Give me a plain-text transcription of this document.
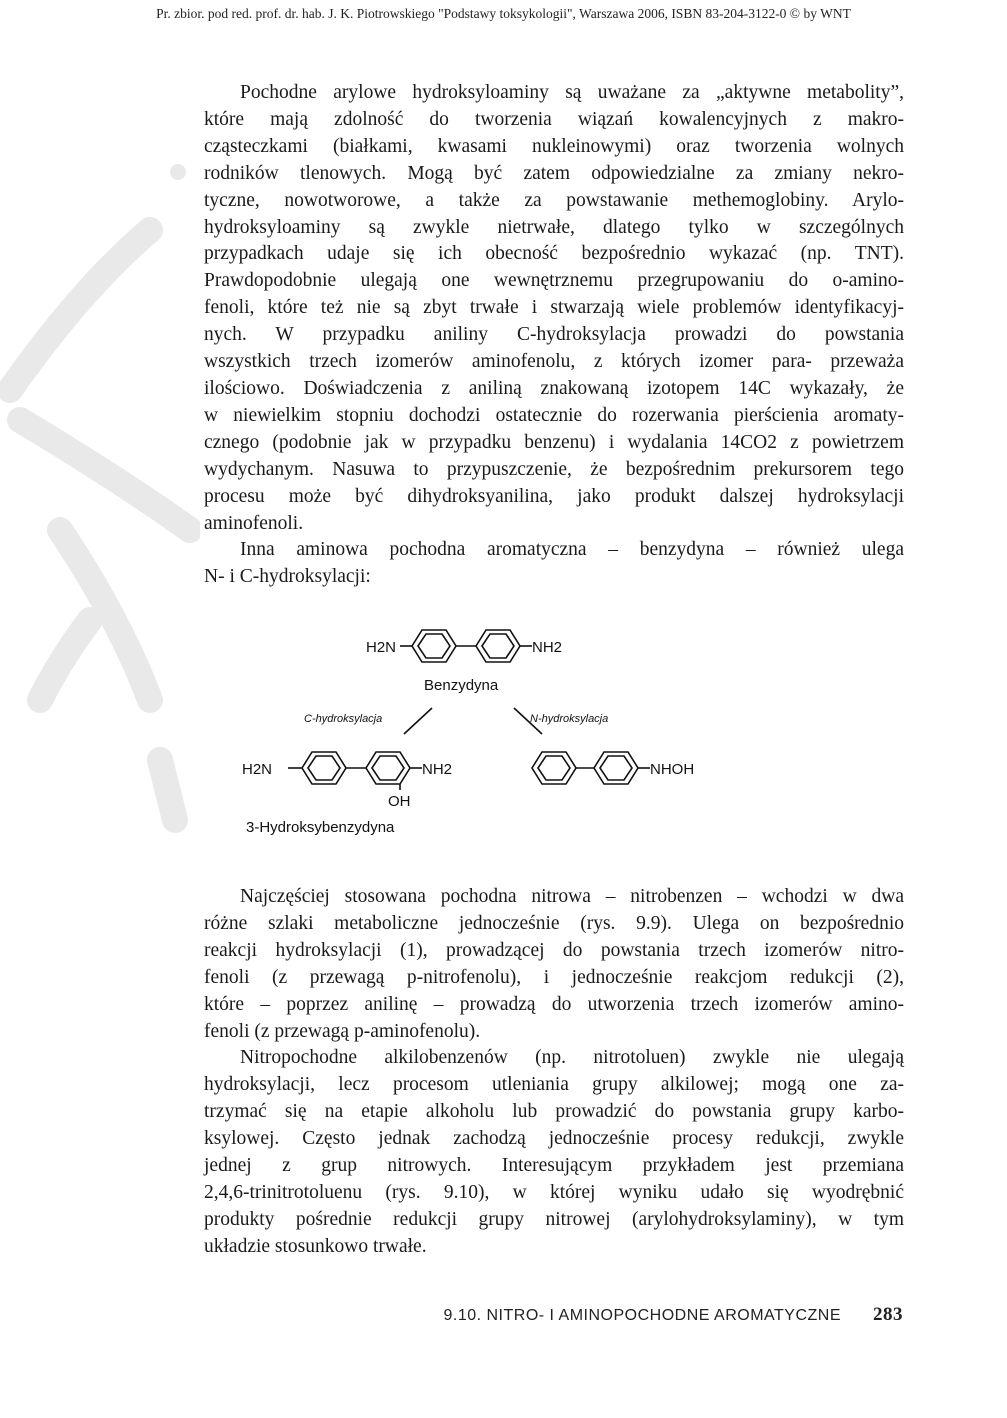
Pr. zbior. pod red. prof. dr. hab. J. K. Piotrowskiego "Podstawy toksykologii", Warszawa 2006, ISBN 83-204-3122-0 © by WNT

Pochodne arylowe hydroksyloaminy są uważane za „aktywne metabolity”,

które mają zdolność do tworzenia wiązań kowalencyjnych z makro-

cząsteczkami (białkami, kwasami nukleinowymi) oraz tworzenia wolnych

rodników tlenowych. Mogą być zatem odpowiedzialne za zmiany nekro-

tyczne, nowotworowe, a także za powstawanie methemoglobiny. Arylo-

hydroksyloaminy są zwykle nietrwałe, dlatego tylko w szczególnych

przypadkach udaje się ich obecność bezpośrednio wykazać (np. TNT).

Prawdopodobnie ulegają one wewnętrznemu przegrupowaniu do o-amino-

fenoli, które też nie są zbyt trwałe i stwarzają wiele problemów identyfikacyj-

nych. W przypadku aniliny C-hydroksylacja prowadzi do powstania

wszystkich trzech izomerów aminofenolu, z których izomer para- przeważa

ilościowo. Doświadczenia z aniliną znakowaną izotopem 14C wykazały, że

w niewielkim stopniu dochodzi ostatecznie do rozerwania pierścienia aromaty-

cznego (podobnie jak w przypadku benzenu) i wydalania 14CO2 z powietrzem

wydychanym. Nasuwa to przypuszczenie, że bezpośrednim prekursorem tego

procesu może być dihydroksyanilina, jako produkt dalszej hydroksylacji

aminofenoli.

Inna aminowa pochodna aromatyczna – benzydyna – również ulega

N- i C-hydroksylacji:

H2N	NH2
Benzydyna
C-hydroksylacja	N-hydroksylacja
H2N	NH2
OH
3-Hydroksybenzydyna
NHOH

Najczęściej stosowana pochodna nitrowa – nitrobenzen – wchodzi w dwa

różne szlaki metaboliczne jednocześnie (rys. 9.9). Ulega on bezpośrednio

reakcji hydroksylacji (1), prowadzącej do powstania trzech izomerów nitro-

fenoli (z przewagą p-nitrofenolu), i jednocześnie reakcjom redukcji (2),

które – poprzez anilinę – prowadzą do utworzenia trzech izomerów amino-

fenoli (z przewagą p-aminofenolu).

Nitropochodne alkilobenzenów (np. nitrotoluen) zwykle nie ulegają

hydroksylacji, lecz procesom utleniania grupy alkilowej; mogą one za-

trzymać się na etapie alkoholu lub prowadzić do powstania grupy karbo-

ksylowej. Często jednak zachodzą jednocześnie procesy redukcji, zwykle

jednej z grup nitrowych. Interesującym przykładem jest przemiana

2,4,6-trinitrotoluenu (rys. 9.10), w której wyniku udało się wyodrębnić

produkty pośrednie redukcji grupy nitrowej (arylohydroksylaminy), w tym

układzie stosunkowo trwałe.

9.10. NITRO- I AMINOPOCHODNE AROMATYCZNE 283
